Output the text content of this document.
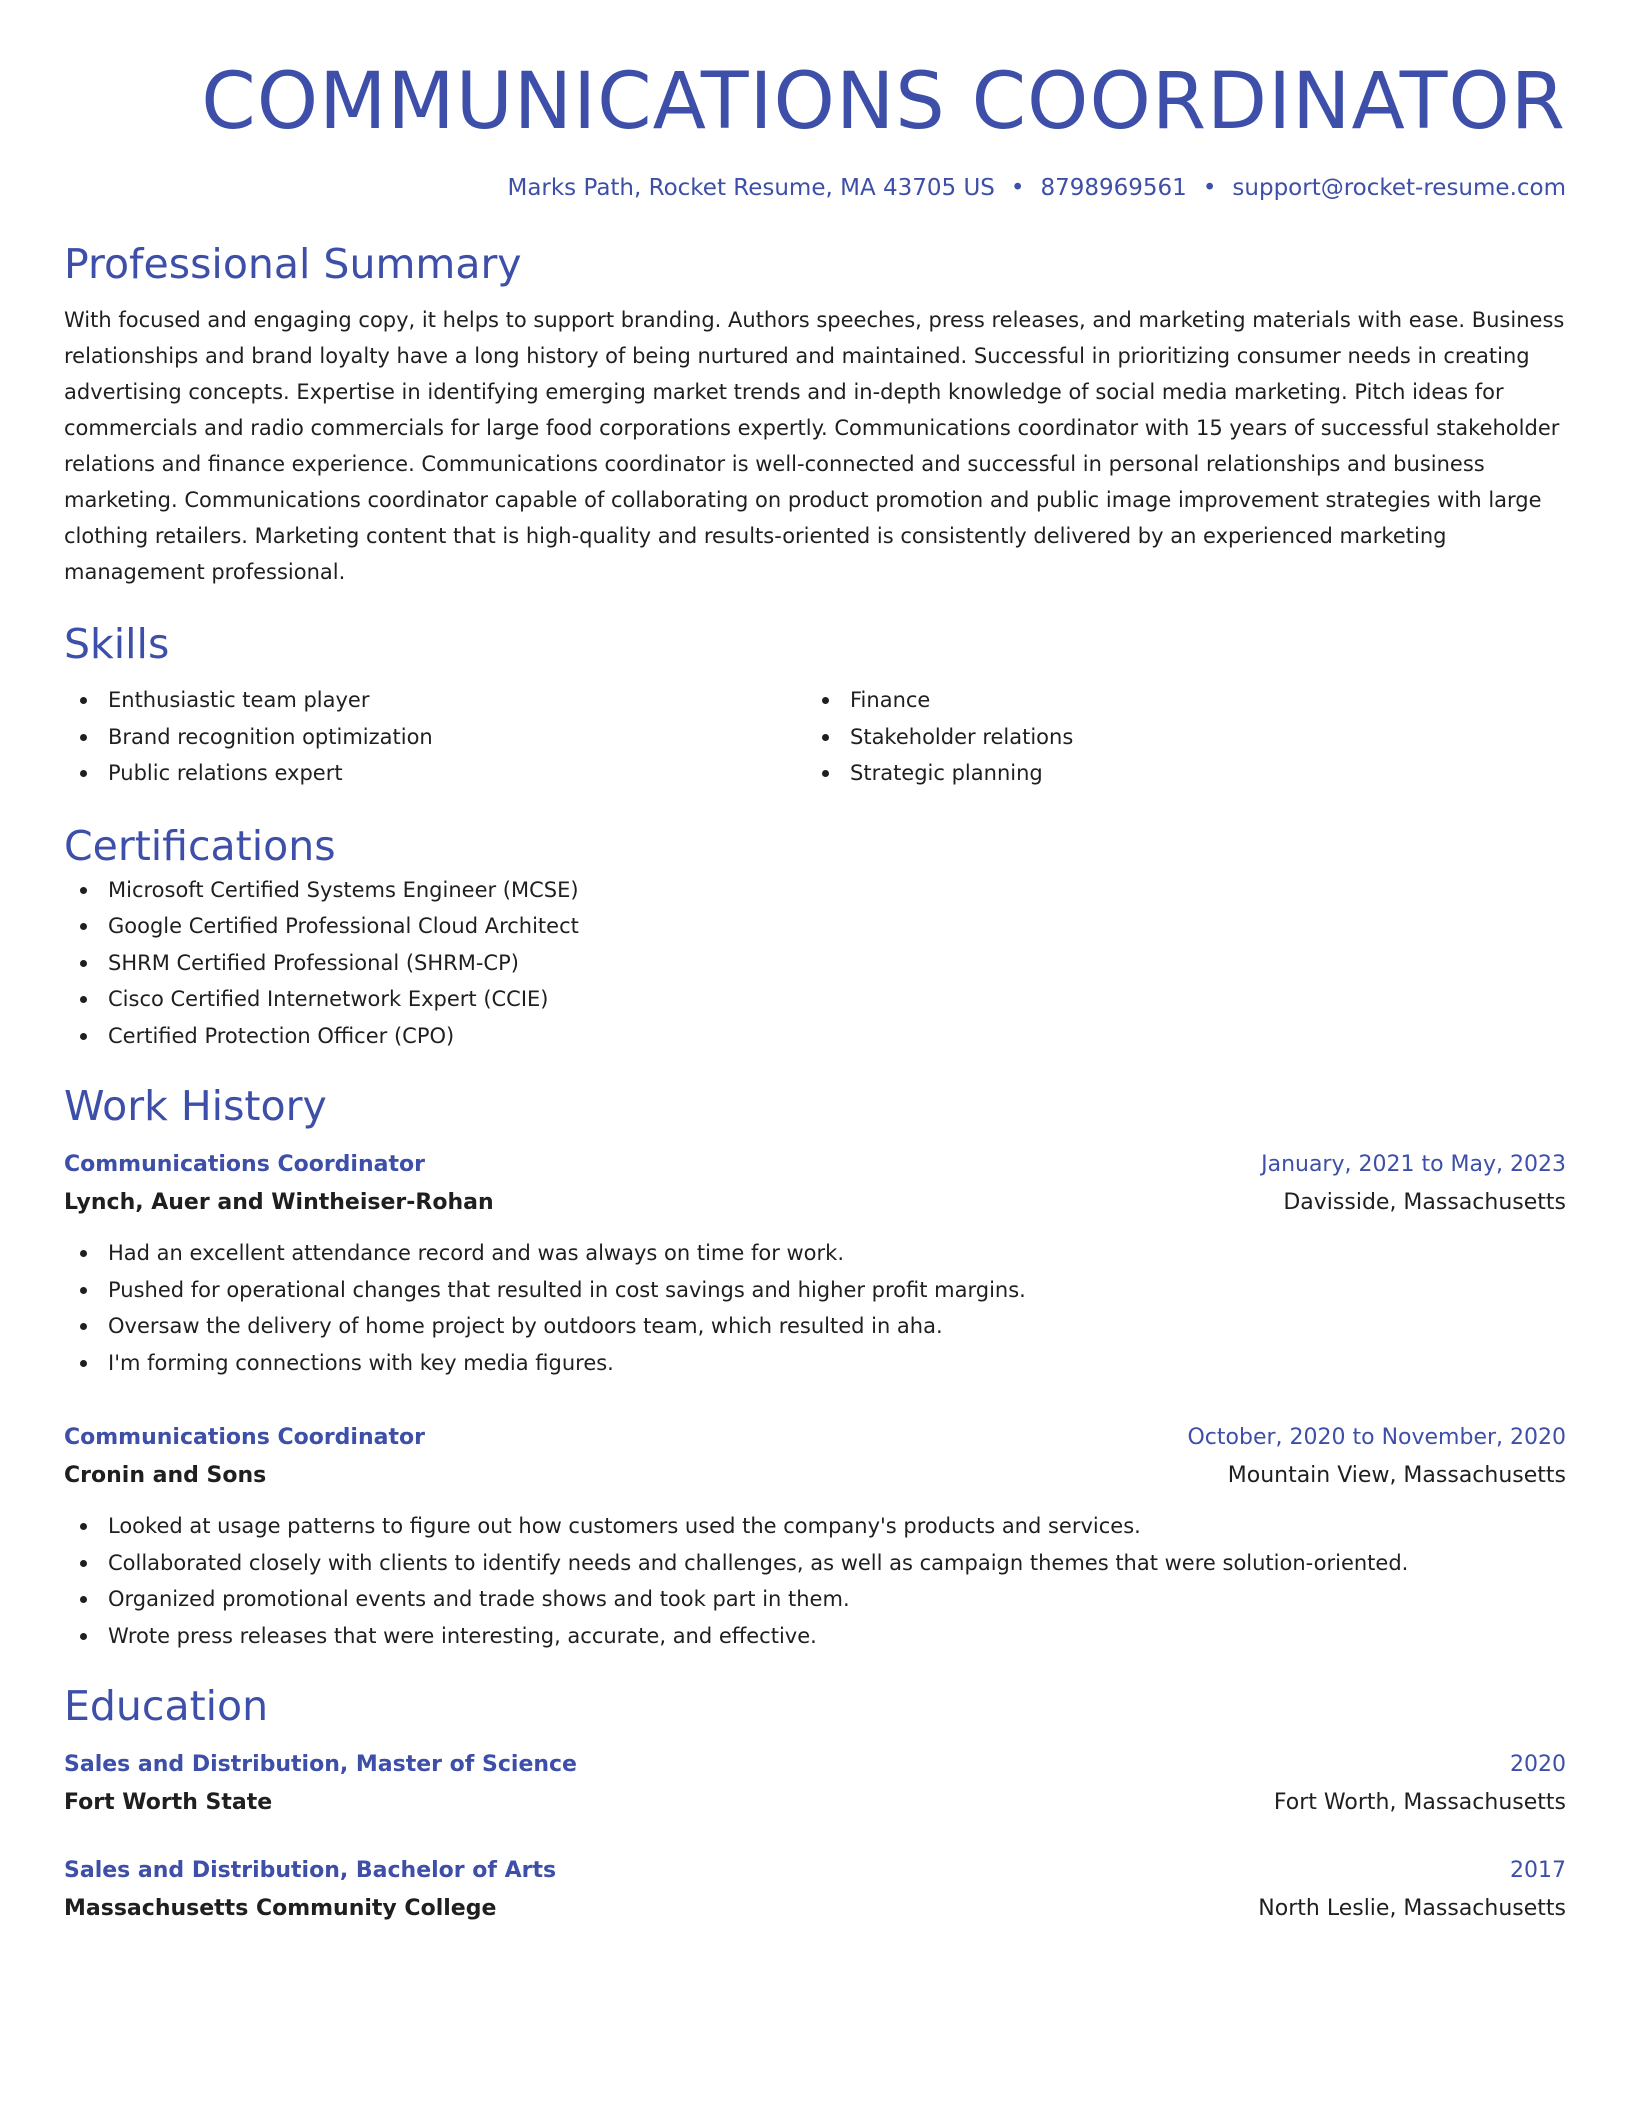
COMMUNICATIONS COORDINATOR
Marks Path, Rocket Resume, MA 43705 US • 8798969561 • support@rocket-resume.com
Professional Summary
With focused and engaging copy, it helps to support branding. Authors speeches, press releases, and marketing materials with ease. Business relationships and brand loyalty have a long history of being nurtured and maintained. Successful in prioritizing consumer needs in creating advertising concepts. Expertise in identifying emerging market trends and in-depth knowledge of social media marketing. Pitch ideas for commercials and radio commercials for large food corporations expertly. Communications coordinator with 15 years of successful stakeholder relations and finance experience. Communications coordinator is well-connected and successful in personal relationships and business marketing. Communications coordinator capable of collaborating on product promotion and public image improvement strategies with large clothing retailers. Marketing content that is high-quality and results-oriented is consistently delivered by an experienced marketing management professional.
Skills
Enthusiastic team player
Brand recognition optimization
Public relations expert
Finance
Stakeholder relations
Strategic planning
Certifications
Microsoft Certified Systems Engineer (MCSE)
Google Certified Professional Cloud Architect
SHRM Certified Professional (SHRM-CP)
Cisco Certified Internetwork Expert (CCIE)
Certified Protection Officer (CPO)
Work History
Communications Coordinator	January, 2021 to May, 2023
Lynch, Auer and Wintheiser-Rohan	Davisside, Massachusetts
Had an excellent attendance record and was always on time for work.
Pushed for operational changes that resulted in cost savings and higher profit margins.
Oversaw the delivery of home project by outdoors team, which resulted in aha.
I'm forming connections with key media figures.
Communications Coordinator	October, 2020 to November, 2020
Cronin and Sons	Mountain View, Massachusetts
Looked at usage patterns to figure out how customers used the company's products and services.
Collaborated closely with clients to identify needs and challenges, as well as campaign themes that were solution-oriented.
Organized promotional events and trade shows and took part in them.
Wrote press releases that were interesting, accurate, and effective.
Education
Sales and Distribution, Master of Science	2020
Fort Worth State	Fort Worth, Massachusetts
Sales and Distribution, Bachelor of Arts	2017
Massachusetts Community College	North Leslie, Massachusetts
